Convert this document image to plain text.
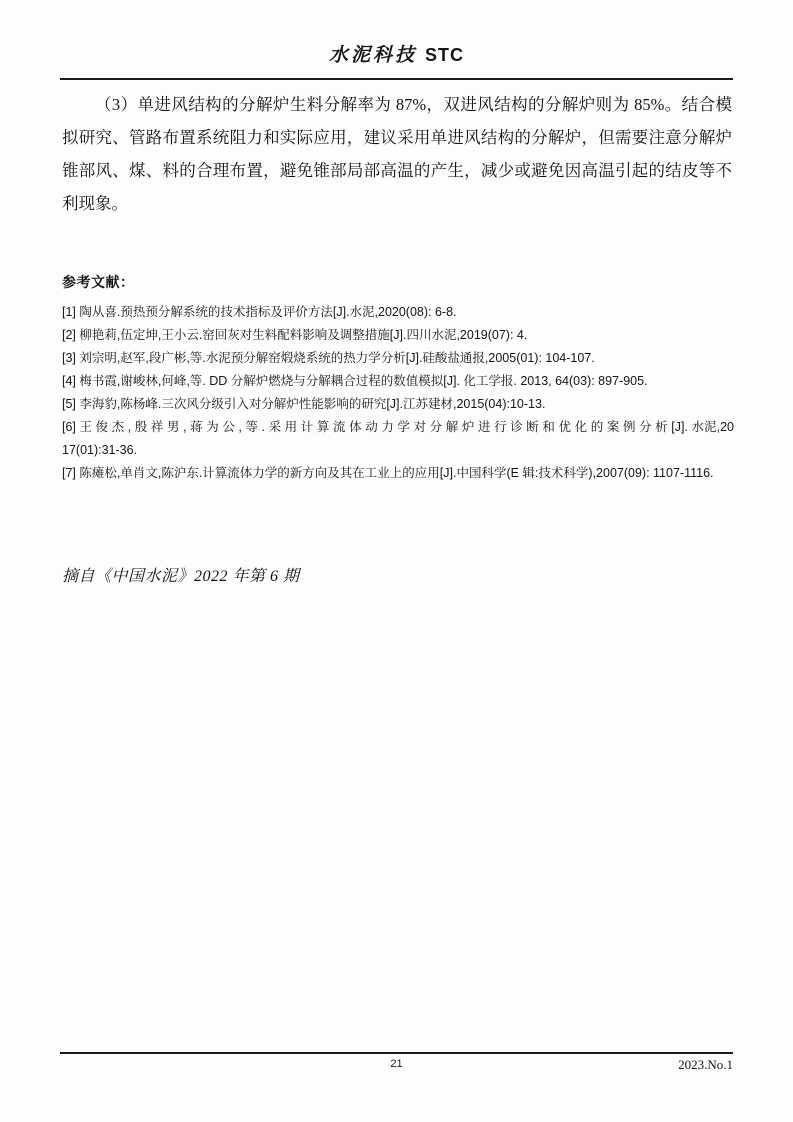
水泥科技 STC
（3）单进风结构的分解炉生料分解率为 87%，双进风结构的分解炉则为 85%。结合模拟研究、管路布置系统阻力和实际应用，建议采用单进风结构的分解炉，但需要注意分解炉锥部风、煤、料的合理布置，避免锥部局部高温的产生，减少或避免因高温引起的结皮等不利现象。
参考文献：

[1] 陶从喜.预热预分解系统的技术指标及评价方法[J].水泥,2020(08): 6-8.

[2] 柳艳莉,伍定坤,王小云.窑回灰对生料配料影响及调整措施[J].四川水泥,2019(07): 4.

[3] 刘宗明,赵军,段广彬,等.水泥预分解窑煅烧系统的热力学分析[J].硅酸盐通报,2005(01): 104-107.

[4] 梅书霞,谢峻林,何峰,等. DD 分解炉燃烧与分解耦合过程的数值模拟[J]. 化工学报. 2013, 64(03): 897-905.

[5] 李海豹,陈杨峰.三次风分级引入对分解炉性能影响的研究[J].江苏建材,2015(04):10-13.

[6] 王 俊 杰 , 殷 祥 男 , 蒋 为 公 , 等 . 采 用 计 算 流 体 动 力 学 对 分 解 炉 进 行 诊 断 和 优 化 的 案 例 分 析 [J]. 水泥,2017(01):31-36.

[7] 陈瘫松,单肖文,陈沪东.计算流体力学的新方向及其在工业上的应用[J].中国科学(E 辑:技术科学),2007(09): 1107-1116.

摘自《中国水泥》2022 年第 6 期
21	2023.No.1
